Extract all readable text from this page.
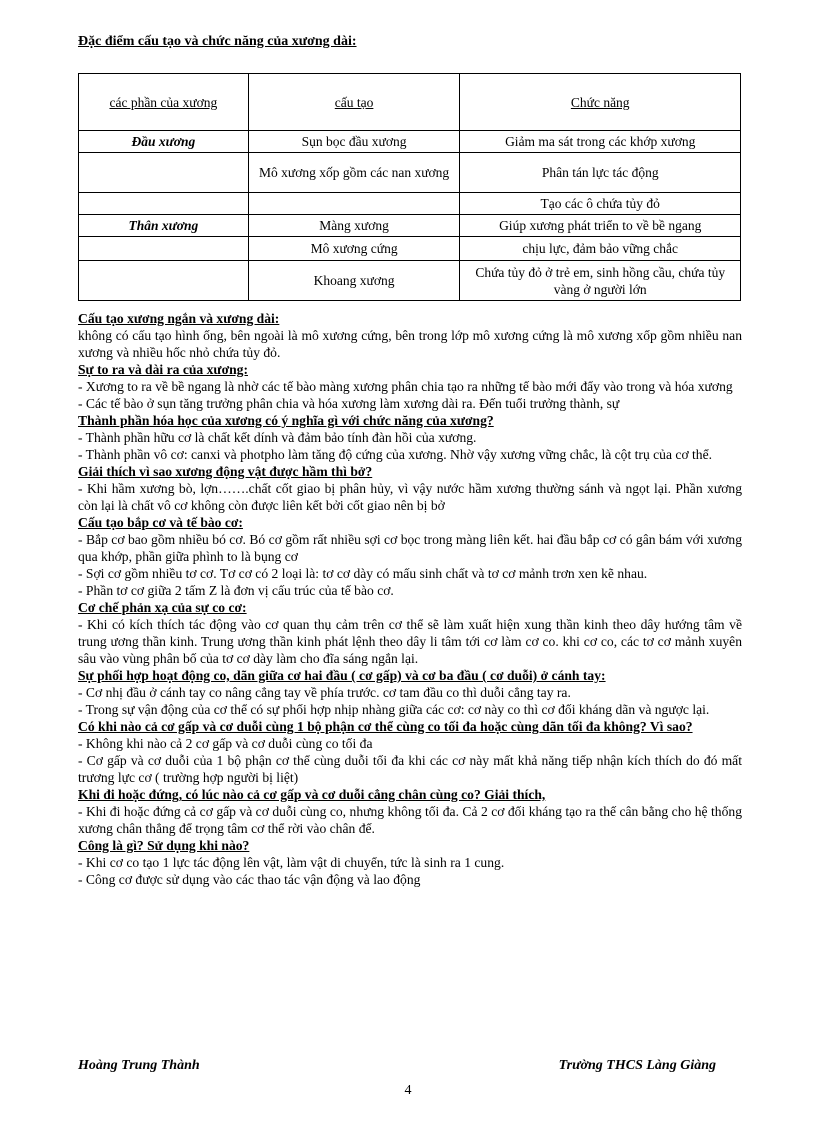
Đặc điểm cấu tạo và chức năng của xương dài:
các phần của xương	cấu tạo	Chức năng
Đầu xương	Sụn bọc đầu xương	Giảm ma sát trong các khớp xương
	Mô xương xốp gồm các nan xương	Phân tán lực tác động
		Tạo các ô chứa tủy đỏ
Thân xương	Màng xương	Giúp xương phát triển to về bề ngang
	Mô xương cứng	chịu lực, đảm bảo vững chắc
	Khoang xương	Chứa tủy đỏ ở trẻ em, sinh hồng cầu, chứa tủy vàng ở người lớn

Cấu tạo xương ngắn và xương dài:

không có cấu tạo hình ống, bên ngoài là mô xương cứng, bên trong lớp mô xương cứng là mô xương xốp gồm nhiều nan xương và nhiều hốc nhỏ chứa tủy đỏ.

Sự to ra và dài ra của xương:

- Xương to ra về bề ngang là nhờ các tế bào màng xương phân chia tạo ra những tế bào mới đẩy vào trong và hóa xương

- Các tế bào ở sụn tăng trưởng phân chia và hóa xương làm xương dài ra. Đến tuổi trưởng thành, sự

Thành phần hóa học của xương có ý nghĩa gì với chức năng của xương?

- Thành phần hữu cơ là chất kết dính và đảm bảo tính đàn hồi của xương.

- Thành phần vô cơ: canxi và photpho làm tăng độ cứng của xương. Nhờ vậy xương vững chắc, là cột trụ của cơ thể.

Giải thích vì sao xương động vật được hầm thì bở?

- Khi hầm xương bò, lợn…….chất cốt giao bị phân hủy, vì vậy nước hầm xương thường sánh và ngọt lại. Phần xương còn lại là chất vô cơ không còn được liên kết bởi cốt giao nên bị bở

Cấu tạo bắp cơ và tế bào cơ:

- Bắp cơ bao gồm nhiều bó cơ. Bó cơ gồm rất nhiều sợi cơ bọc trong màng liên kết. hai đầu bắp cơ có gân bám với xương qua khớp, phần giữa phình to là bụng cơ

- Sợi cơ gồm nhiều tơ cơ. Tơ cơ có 2 loại là: tơ cơ dày có mấu sinh chất và tơ cơ mảnh trơn xen kẽ nhau.

- Phần tơ cơ giữa 2 tấm Z là đơn vị cấu trúc của tế bào cơ.

Cơ chế phản xạ của sự co cơ:

- Khi có kích thích tác động vào cơ quan thụ cảm trên cơ thể sẽ làm xuất hiện xung thần kinh theo dây hướng tâm về trung ương thần kinh. Trung ương thần kinh phát lệnh theo dây li tâm tới cơ làm cơ co. khi cơ co, các tơ cơ mảnh xuyên sâu vào vùng phân bố của tơ cơ dày làm cho đĩa sáng ngắn lại.

Sự phối hợp hoạt động co, dãn giữa cơ hai đầu ( cơ gấp) và cơ ba đầu ( cơ duỗi) ở cánh tay:

- Cơ nhị đầu ở cánh tay co nâng cẳng tay về phía trước. cơ tam đầu co thì duỗi cẳng tay ra.

- Trong sự vận động của cơ thể có sự phối hợp nhịp nhàng giữa các cơ: cơ này co thì cơ đối kháng dãn và ngược lại.

Có khi nào cả cơ gấp và cơ duỗi cùng 1 bộ phận cơ thể cùng co tối đa hoặc cùng dãn tối đa không? Vì sao?

- Không khi nào cả 2 cơ gấp và cơ duỗi cùng co tối đa

- Cơ gấp và cơ duỗi của 1 bộ phận cơ thể cùng duỗi tối đa khi các cơ này mất khả năng tiếp nhận kích thích do đó mất trương lực cơ ( trường hợp người bị liệt)

Khi đi hoặc đứng, có lúc nào cả cơ gấp và cơ duỗi cẳng chân cùng co? Giải thích,

- Khi đi hoặc đứng cả cơ gấp và cơ duỗi cùng co, nhưng không tối đa. Cả 2 cơ đối kháng tạo ra thế cân bằng cho hệ thống xương chân thẳng để trọng tâm cơ thể rời vào chân đế.

Công là gì? Sử dụng khi nào?

- Khi cơ co tạo 1 lực tác động lên vật, làm vật di chuyển, tức là sinh ra 1 cung.

- Công cơ được sử dụng vào các thao tác vận động và lao động

Hoàng Trung Thành	Trường THCS Làng Giàng
4
